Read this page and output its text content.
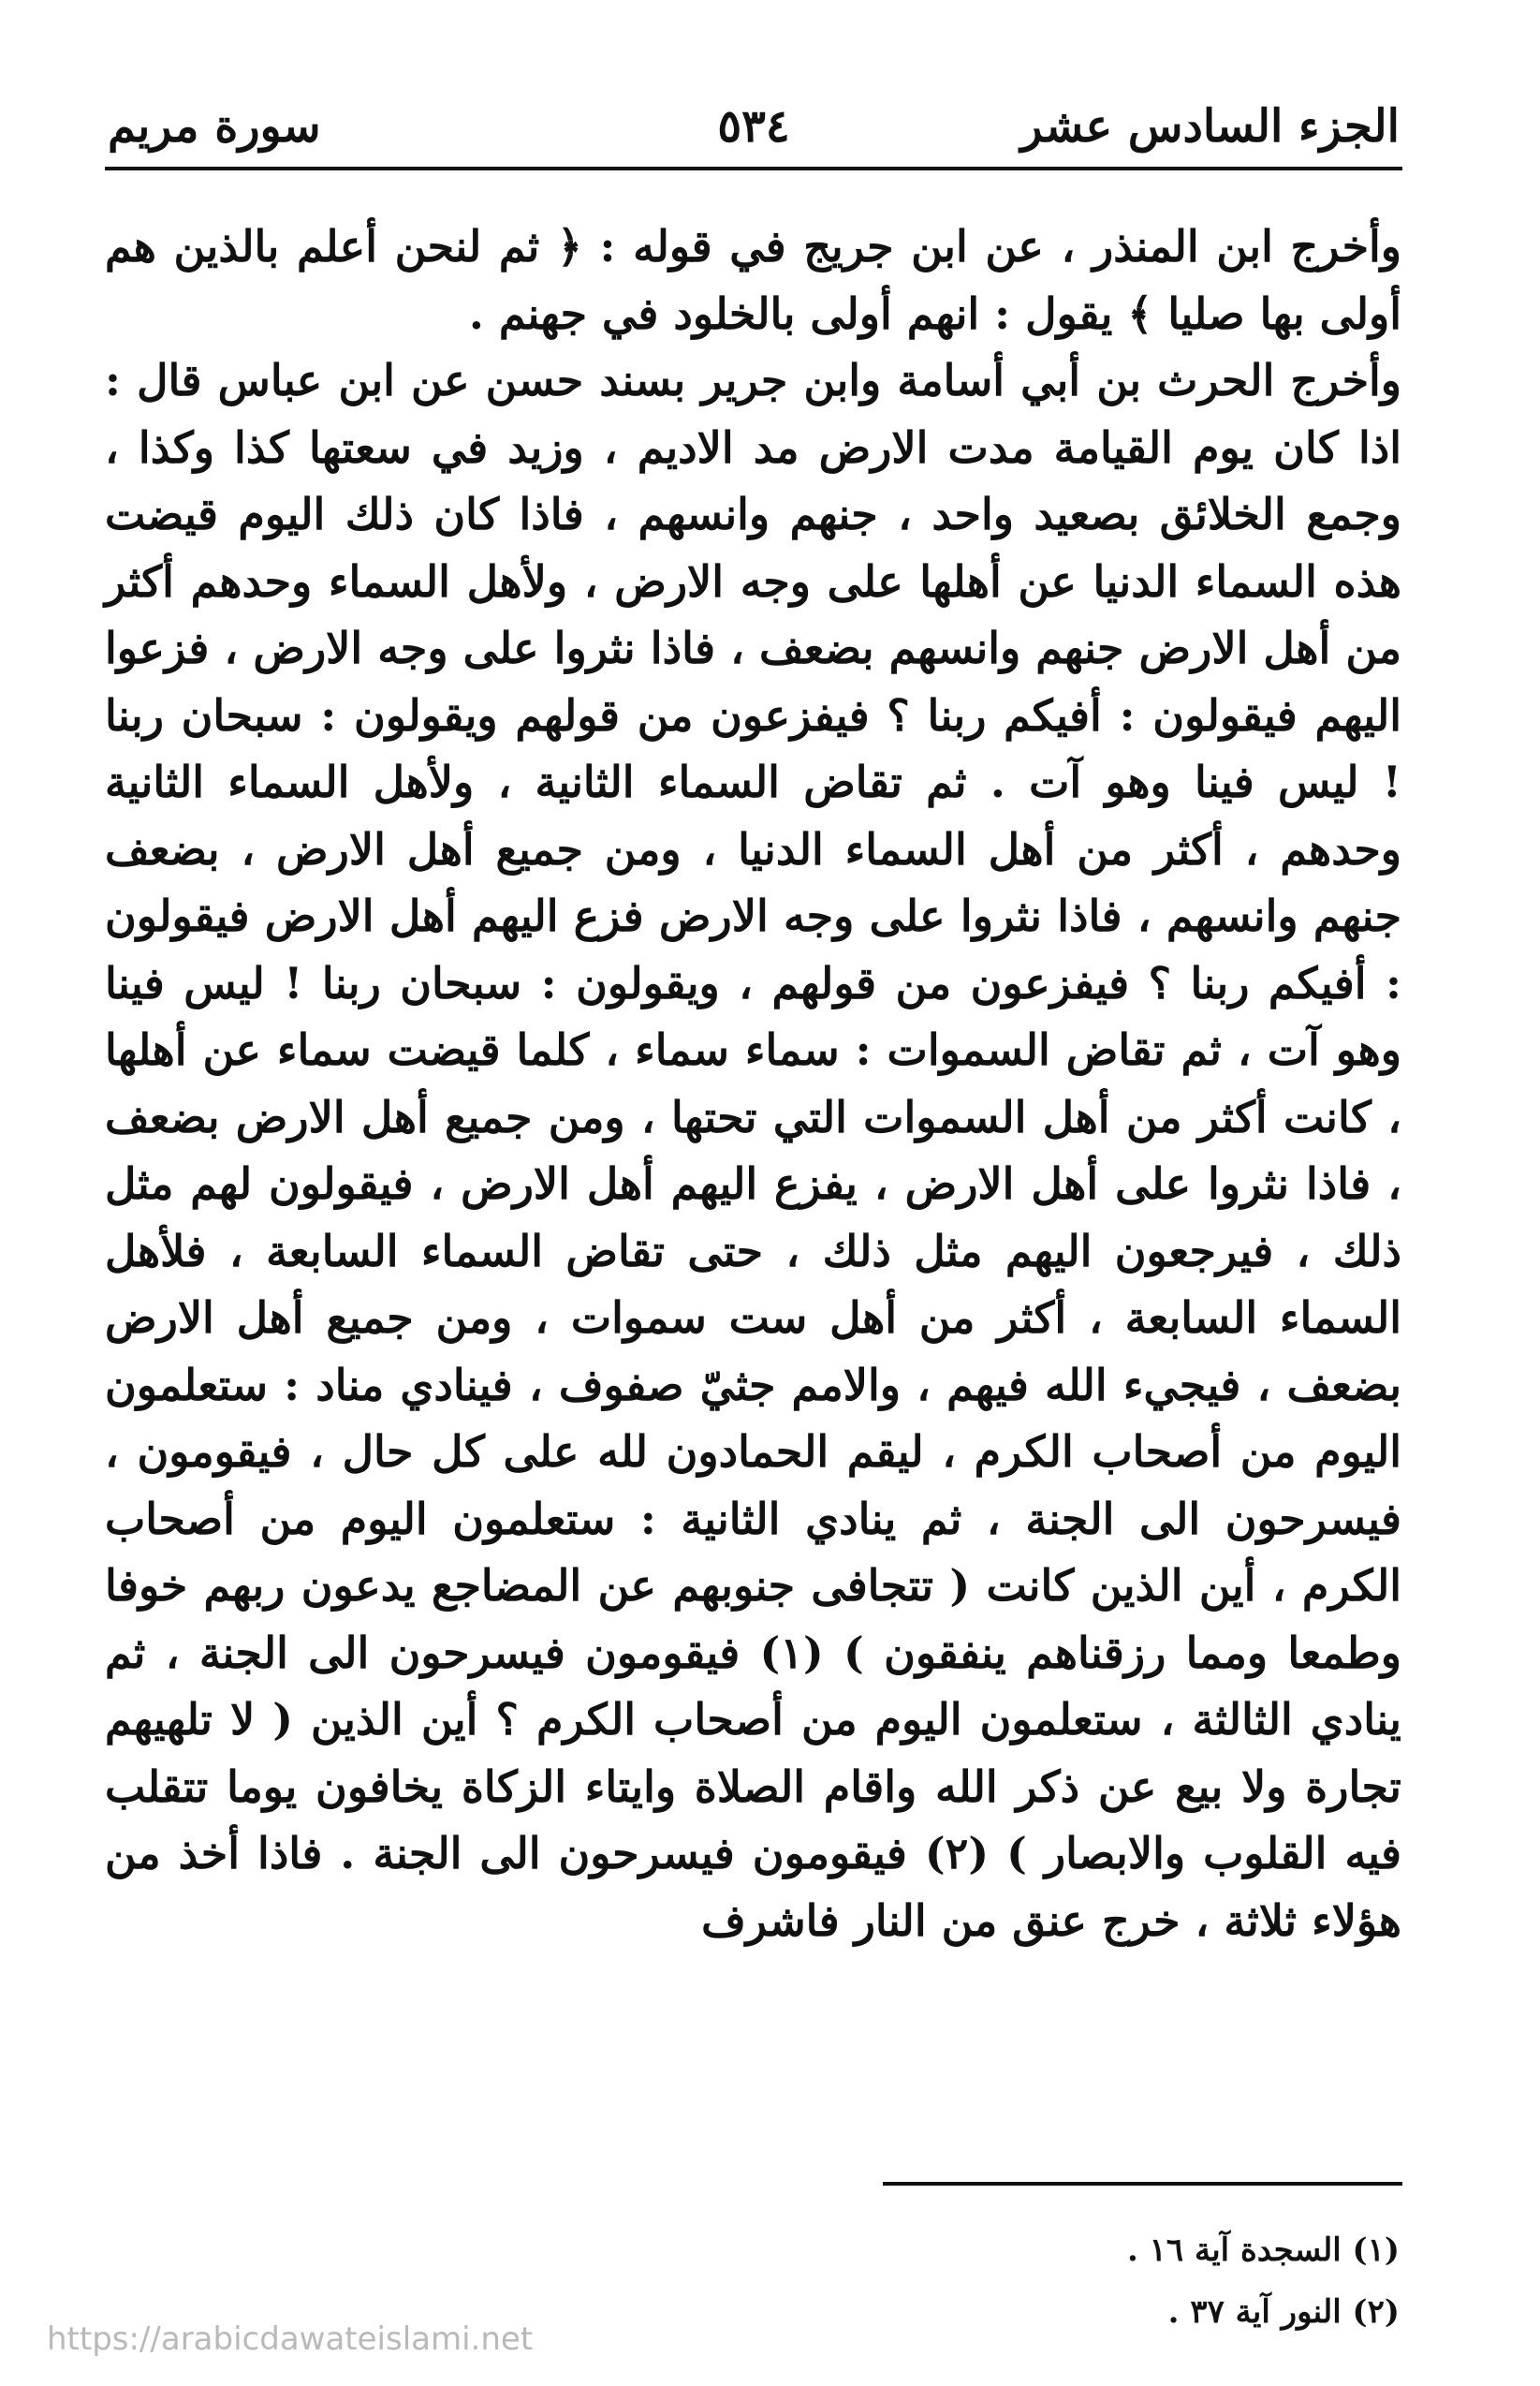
الجزء السادس عشر
٥٣٤
سورة مريم

وأخرج ابن المنذر ، عن ابن جريج في قوله : ﴿ ثم لنحن أعلم بالذين هم أولى بها صليا ﴾ يقول : انهم أولى بالخلود في جهنم .

وأخرج الحرث بن أبي أسامة وابن جرير بسند حسن عن ابن عباس قال : اذا كان يوم القيامة مدت الارض مد الاديم ، وزيد في سعتها كذا وكذا ، وجمع الخلائق بصعيد واحد ، جنهم وانسهم ، فاذا كان ذلك اليوم قيضت هذه السماء الدنيا عن أهلها على وجه الارض ، ولأهل السماء وحدهم أكثر من أهل الارض جنهم وانسهم بضعف ، فاذا نثروا على وجه الارض ، فزعوا اليهم فيقولون : أفيكم ربنا ؟ فيفزعون من قولهم ويقولون : سبحان ربنا ! ليس فينا وهو آت . ثم تقاض السماء الثانية ، ولأهل السماء الثانية وحدهم ، أكثر من أهل السماء الدنيا ، ومن جميع أهل الارض ، بضعف جنهم وانسهم ، فاذا نثروا على وجه الارض فزع اليهم أهل الارض فيقولون : أفيكم ربنا ؟ فيفزعون من قولهم ، ويقولون : سبحان ربنا ! ليس فينا وهو آت ، ثم تقاض السموات : سماء سماء ، كلما قيضت سماء عن أهلها ، كانت أكثر من أهل السموات التي تحتها ، ومن جميع أهل الارض بضعف ، فاذا نثروا على أهل الارض ، يفزع اليهم أهل الارض ، فيقولون لهم مثل ذلك ، فيرجعون اليهم مثل ذلك ، حتى تقاض السماء السابعة ، فلأهل السماء السابعة ، أكثر من أهل ست سموات ، ومن جميع أهل الارض بضعف ، فيجيء الله فيهم ، والامم جثيّ صفوف ، فينادي مناد : ستعلمون اليوم من أصحاب الكرم ، ليقم الحمادون لله على كل حال ، فيقومون ، فيسرحون الى الجنة ، ثم ينادي الثانية : ستعلمون اليوم من أصحاب الكرم ، أين الذين كانت ( تتجافى جنوبهم عن المضاجع يدعون ربهم خوفا وطمعا ومما رزقناهم ينفقون ) (١) فيقومون فيسرحون الى الجنة ، ثم ينادي الثالثة ، ستعلمون اليوم من أصحاب الكرم ؟ أين الذين ( لا تلهيهم تجارة ولا بيع عن ذكر الله واقام الصلاة وايتاء الزكاة يخافون يوما تتقلب فيه القلوب والابصار ) (٢) فيقومون فيسرحون الى الجنة . فاذا أخذ من هؤلاء ثلاثة ، خرج عنق من النار فاشرف

(١) السجدة آية ١٦ .
(٢) النور آية ٣٧ .
https://arabicdawateislami.net
